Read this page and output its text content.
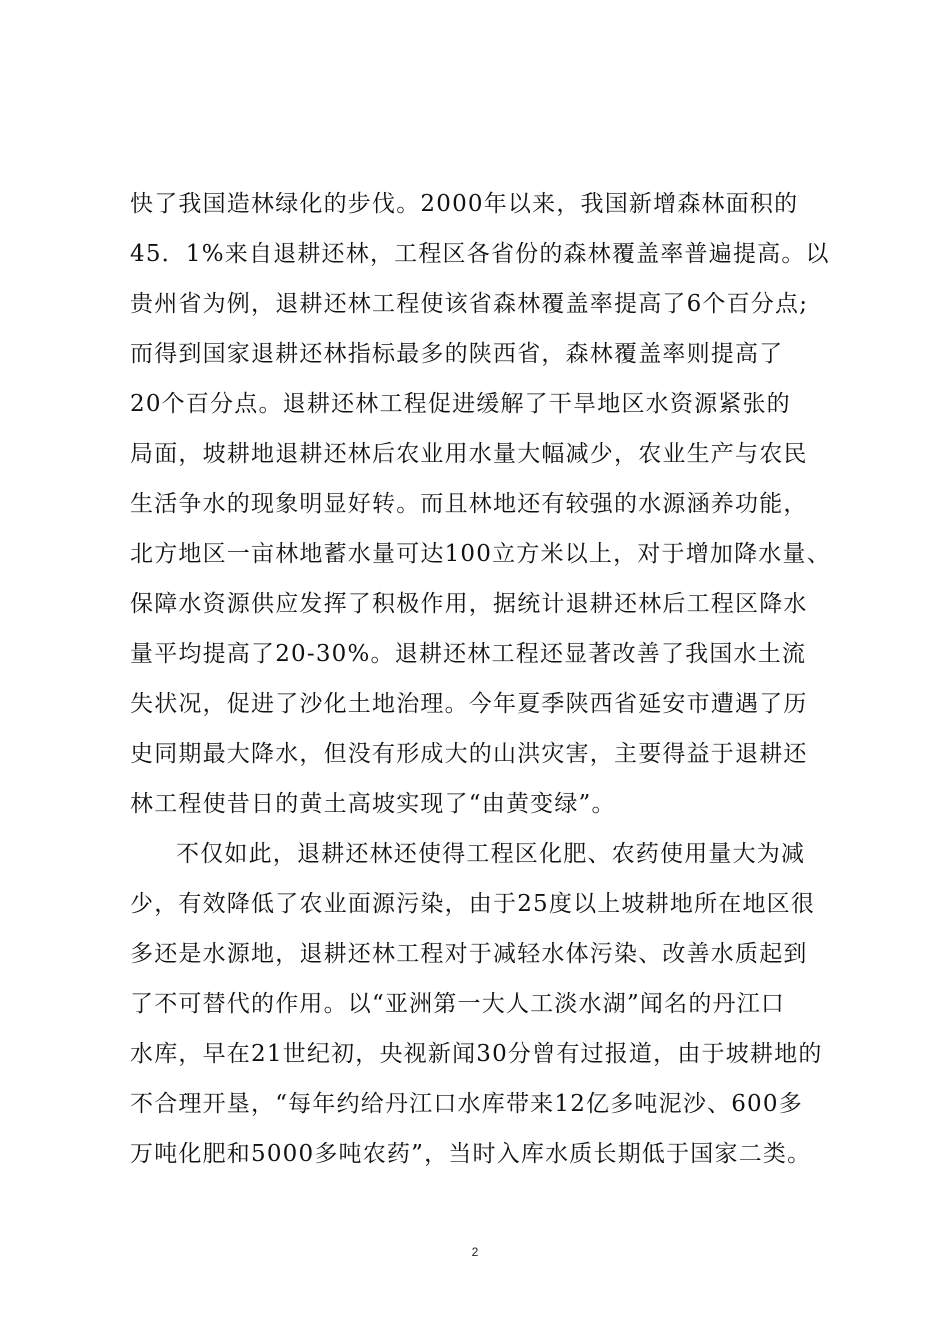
快了我国造林绿化的步伐。2000年以来，我国新增森林面积的
45．1%来自退耕还林，工程区各省份的森林覆盖率普遍提高。以
贵州省为例，退耕还林工程使该省森林覆盖率提高了6个百分点;
而得到国家退耕还林指标最多的陕西省，森林覆盖率则提高了
20个百分点。退耕还林工程促进缓解了干旱地区水资源紧张的
局面，坡耕地退耕还林后农业用水量大幅减少，农业生产与农民
生活争水的现象明显好转。而且林地还有较强的水源涵养功能，
北方地区一亩林地蓄水量可达100立方米以上，对于增加降水量、
保障水资源供应发挥了积极作用，据统计退耕还林后工程区降水
量平均提高了20-30%。退耕还林工程还显著改善了我国水土流
失状况，促进了沙化土地治理。今年夏季陕西省延安市遭遇了历
史同期最大降水，但没有形成大的山洪灾害，主要得益于退耕还
林工程使昔日的黄土高坡实现了“由黄变绿”。
不仅如此，退耕还林还使得工程区化肥、农药使用量大为减
少，有效降低了农业面源污染，由于25度以上坡耕地所在地区很
多还是水源地，退耕还林工程对于减轻水体污染、改善水质起到
了不可替代的作用。以“亚洲第一大人工淡水湖”闻名的丹江口
水库，早在21世纪初，央视新闻30分曾有过报道，由于坡耕地的
不合理开垦，“每年约给丹江口水库带来12亿多吨泥沙、600多
万吨化肥和5000多吨农药”，当时入库水质长期低于国家二类。
2
